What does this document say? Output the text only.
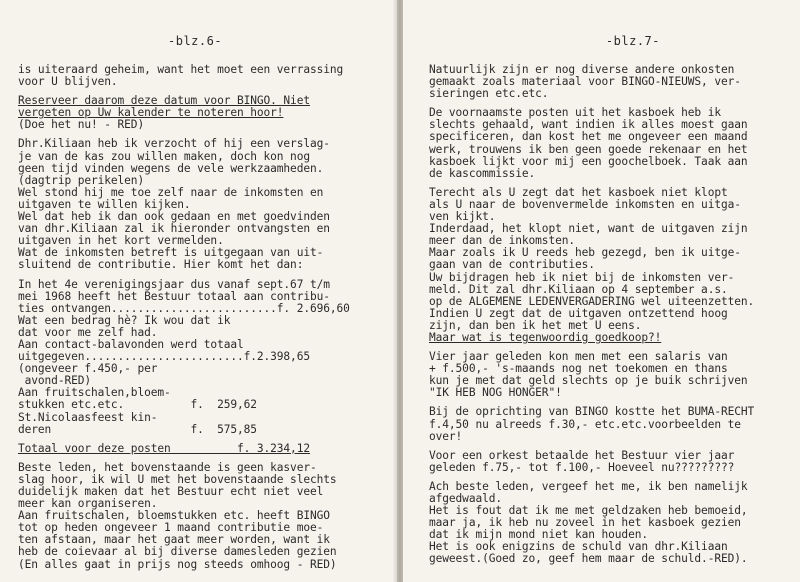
-blz.6-
is uiteraard geheim, want het moet een verrassing
voor U blijven.
Reserveer daarom deze datum voor BINGO. Niet
vergeten op Uw kalender te noteren hoor!
(Doe het nu! - RED)
Dhr.Kiliaan heb ik verzocht of hij een verslag-
je van de kas zou willen maken, doch kon nog
geen tijd vinden wegens de vele werkzaamheden.
(dagtrip perikelen)
Wel stond hij me toe zelf naar de inkomsten en
uitgaven te willen kijken.
Wel dat heb ik dan ook gedaan en met goedvinden
van dhr.Kiliaan zal ik hieronder ontvangsten en
uitgaven in het kort vermelden.
Wat de inkomsten betreft is uitgegaan van uit-
sluitend de contributie. Hier komt het dan:
In het 4e verenigingsjaar dus vanaf sept.67 t/m
mei 1968 heeft het Bestuur totaal aan contribu-
ties ontvangen.........................f. 2.696,60
Wat een bedrag hè? Ik wou dat ik
dat voor me zelf had.
Aan contact-balavonden werd totaal
uitgegeven........................f.2.398,65
(ongeveer f.450,- per
avond-RED)
Aan fruitschalen,bloem-
stukken etc.etc.          f.  259,62
St.Nicolaasfeest kin-
deren                     f.  575,85
Totaal voor deze posten          f. 3.234,12
Beste leden, het bovenstaande is geen kasver-
slag hoor, ik wil U met het bovenstaande slechts
duidelijk maken dat het Bestuur echt niet veel
meer kan organiseren.
Aan fruitschalen, bloemstukken etc. heeft BINGO
tot op heden ongeveer 1 maand contributie moe-
ten afstaan, maar het gaat meer worden, want ik
heb de coievaar al bij diverse damesleden gezien
(En alles gaat in prijs nog steeds omhoog - RED)
-blz.7-
Natuurlijk zijn er nog diverse andere onkosten
gemaakt zoals materiaal voor BINGO-NIEUWS, ver-
sieringen etc.etc.
De voornaamste posten uit het kasboek heb ik
slechts gehaald, want indien ik alles moest gaan
specificeren, dan kost het me ongeveer een maand
werk, trouwens ik ben geen goede rekenaar en het
kasboek lijkt voor mij een goochelboek. Taak aan
de kascommissie.
Terecht als U zegt dat het kasboek niet klopt
als U naar de bovenvermelde inkomsten en uitga-
ven kijkt.
Inderdaad, het klopt niet, want de uitgaven zijn
meer dan de inkomsten.
Maar zoals ik U reeds heb gezegd, ben ik uitge-
gaan van de contributies.
Uw bijdragen heb ik niet bij de inkomsten ver-
meld. Dit zal dhr.Kiliaan op 4 september a.s.
op de ALGEMENE LEDENVERGADERING wel uiteenzetten.
Indien U zegt dat de uitgaven ontzettend hoog
zijn, dan ben ik het met U eens.
Maar wat is tegenwoordig goedkoop?!
Vier jaar geleden kon men met een salaris van
+ f.500,- 's-maands nog net toekomen en thans
kun je met dat geld slechts op je buik schrijven
"IK HEB NOG HONGER"!
Bij de oprichting van BINGO kostte het BUMA-RECHT
f.4,50 nu alreeds f.30,- etc.etc.voorbeelden te
over!
Voor een orkest betaalde het Bestuur vier jaar
geleden f.75,- tot f.100,- Hoeveel nu?????????
Ach beste leden, vergeef het me, ik ben namelijk
afgedwaald.
Het is fout dat ik me met geldzaken heb bemoeid,
maar ja, ik heb nu zoveel in het kasboek gezien
dat ik mijn mond niet kan houden.
Het is ook enigzins de schuld van dhr.Kiliaan
geweest.(Goed zo, geef hem maar de schuld.-RED).
